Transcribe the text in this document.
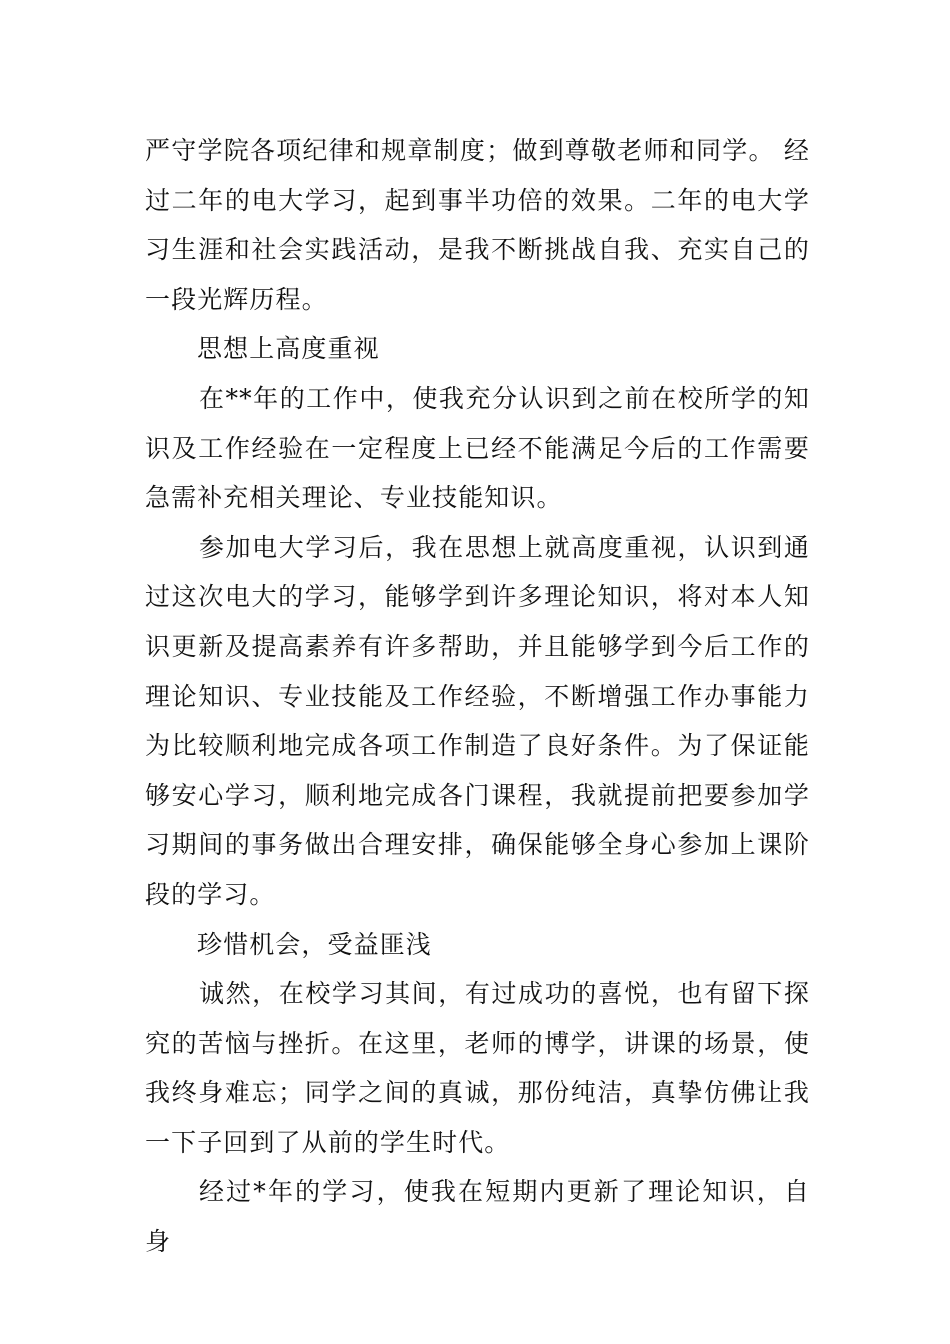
严守学院各项纪律和规章制度；做到尊敬老师和同学。 经过二年的电大学习，起到事半功倍的效果。二年的电大学习生涯和社会实践活动，是我不断挑战自我、充实自己的一段光辉历程。

思想上高度重视

在**年的工作中，使我充分认识到之前在校所学的知识及工作经验在一定程度上已经不能满足今后的工作需要急需补充相关理论、专业技能知识。

参加电大学习后，我在思想上就高度重视，认识到通过这次电大的学习，能够学到许多理论知识，将对本人知识更新及提高素养有许多帮助，并且能够学到今后工作的理论知识、专业技能及工作经验，不断增强工作办事能力为比较顺利地完成各项工作制造了良好条件。为了保证能够安心学习，顺利地完成各门课程，我就提前把要参加学习期间的事务做出合理安排，确保能够全身心参加上课阶段的学习。

珍惜机会，受益匪浅

诚然，在校学习其间，有过成功的喜悦，也有留下探究的苦恼与挫折。在这里，老师的博学，讲课的场景，使我终身难忘；同学之间的真诚，那份纯洁，真挚仿佛让我一下子回到了从前的学生时代。

经过*年的学习，使我在短期内更新了理论知识，自身
